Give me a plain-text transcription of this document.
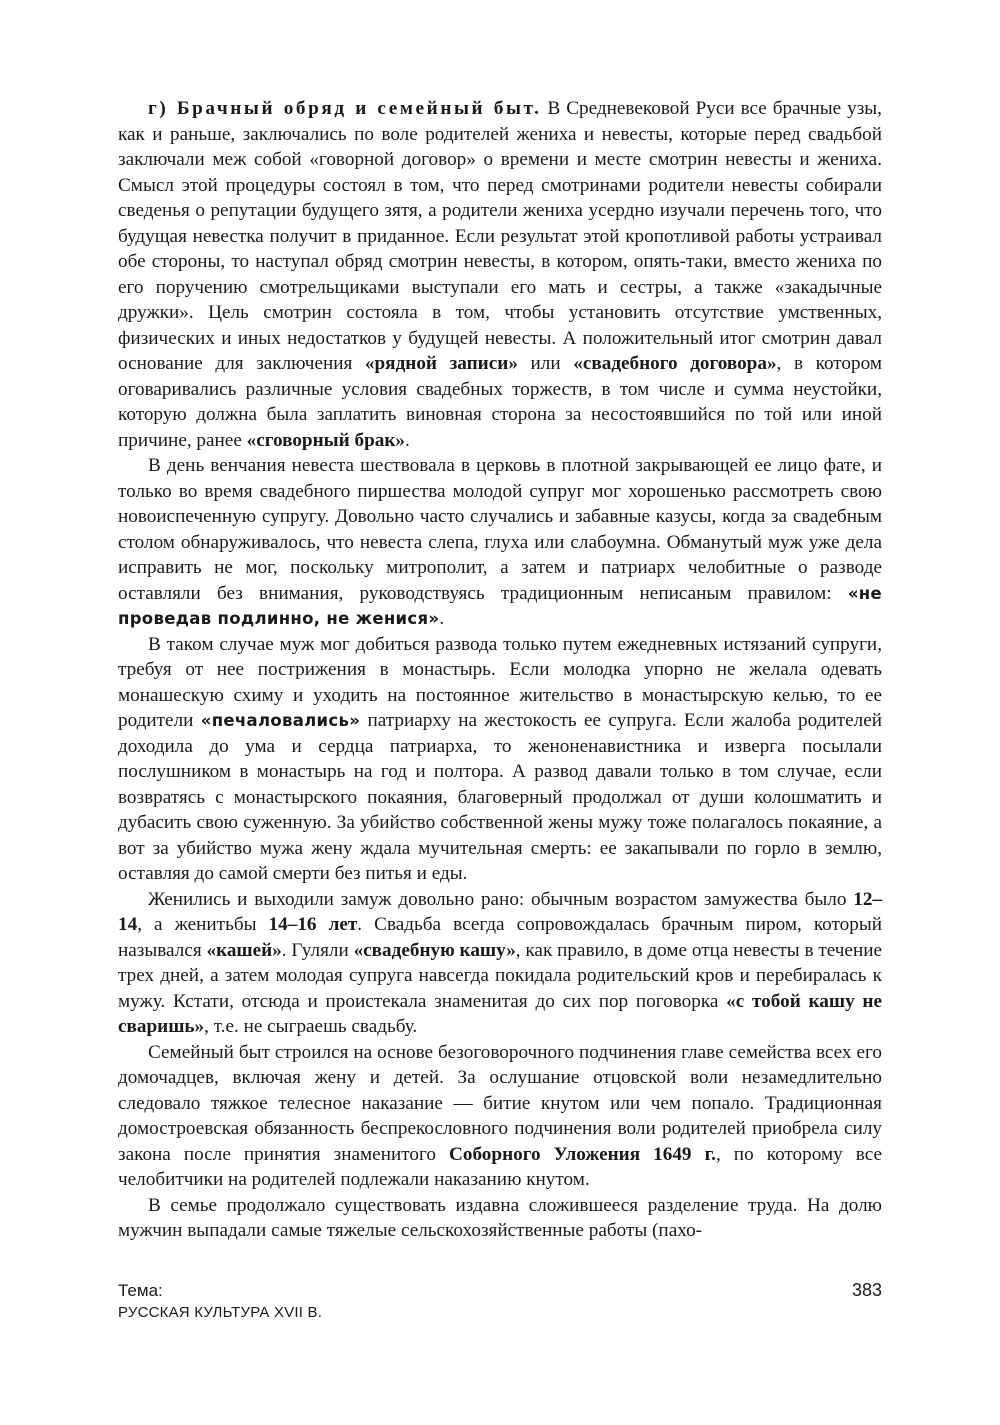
г) Брачный обряд и семейный быт. В Средневековой Руси все брачные узы, как и раньше, заключались по воле родителей жениха и невесты, которые перед свадьбой заключали меж собой «говорной договор» о времени и месте смотрин невесты и жениха. Смысл этой процедуры состоял в том, что перед смотринами родители невесты собирали сведенья о репутации будущего зятя, а родители жениха усердно изучали перечень того, что будущая невестка получит в приданное. Если результат этой кропотливой работы устраивал обе стороны, то наступал обряд смотрин невесты, в котором, опять-таки, вместо жениха по его поручению смотрельщиками выступали его мать и сестры, а также «закадычные дружки». Цель смотрин состояла в том, чтобы установить отсутствие умственных, физических и иных недостатков у будущей невесты. А положительный итог смотрин давал основание для заключения «рядной записи» или «свадебного договора», в котором оговаривались различные условия свадебных торжеств, в том числе и сумма неустойки, которую должна была заплатить виновная сторона за несостоявшийся по той или иной причине, ранее «сговорный брак».

В день венчания невеста шествовала в церковь в плотной закрывающей ее лицо фате, и только во время свадебного пиршества молодой супруг мог хорошенько рассмотреть свою новоиспеченную супругу. Довольно часто случались и забавные казусы, когда за свадебным столом обнаруживалось, что невеста слепа, глуха или слабоумна. Обманутый муж уже дела исправить не мог, поскольку митрополит, а затем и патриарх челобитные о разводе оставляли без внимания, руководствуясь традиционным неписаным правилом: «не проведав подлинно, не женися».

В таком случае муж мог добиться развода только путем ежедневных истязаний супруги, требуя от нее пострижения в монастырь. Если молодка упорно не желала одевать монашескую схиму и уходить на постоянное жительство в монастырскую келью, то ее родители «печаловались» патриарху на жестокость ее супруга. Если жалоба родителей доходила до ума и сердца патриарха, то женоненавистника и изверга посылали послушником в монастырь на год и полтора. А развод давали только в том случае, если возвратясь с монастырского покаяния, благоверный продолжал от души колошматить и дубасить свою суженную. За убийство собственной жены мужу тоже полагалось покаяние, а вот за убийство мужа жену ждала мучительная смерть: ее закапывали по горло в землю, оставляя до самой смерти без питья и еды.

Женились и выходили замуж довольно рано: обычным возрастом замужества было 12–14, а женитьбы 14–16 лет. Свадьба всегда сопровождалась брачным пиром, который назывался «кашей». Гуляли «свадебную кашу», как правило, в доме отца невесты в течение трех дней, а затем молодая супруга навсегда покидала родительский кров и перебиралась к мужу. Кстати, отсюда и проистекала знаменитая до сих пор поговорка «с тобой кашу не сваришь», т.е. не сыграешь свадьбу.

Семейный быт строился на основе безоговорочного подчинения главе семейства всех его домочадцев, включая жену и детей. За ослушание отцовской воли незамедлительно следовало тяжкое телесное наказание — битие кнутом или чем попало. Традиционная домостроевская обязанность беспрекословного подчинения воли родителей приобрела силу закона после принятия знаменитого Соборного Уложения 1649 г., по которому все челобитчики на родителей подлежали наказанию кнутом.

В семье продолжало существовать издавна сложившееся разделение труда. На долю мужчин выпадали самые тяжелые сельскохозяйственные работы (пахо-

Тема:
РУССКАЯ КУЛЬТУРА XVII В.
383
